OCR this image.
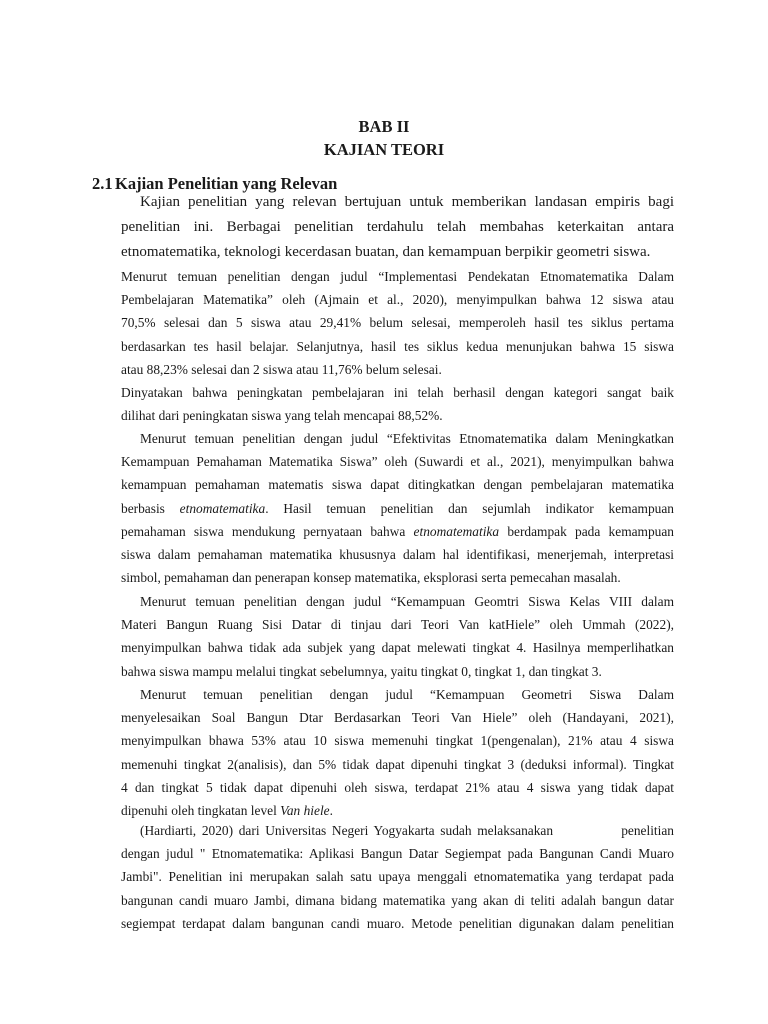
BAB II
KAJIAN TEORI
2.1 Kajian Penelitian yang Relevan
Kajian penelitian yang relevan bertujuan untuk memberikan landasan empiris bagi
penelitian ini. Berbagai penelitian terdahulu telah membahas keterkaitan antara
etnomatematika, teknologi kecerdasan buatan, dan kemampuan berpikir geometri siswa.
Menurut temuan penelitian dengan judul “Implementasi Pendekatan Etnomatematika Dalam
Pembelajaran Matematika” oleh (Ajmain et al., 2020), menyimpulkan bahwa 12 siswa atau
70,5% selesai dan 5 siswa atau 29,41% belum selesai, memperoleh hasil tes siklus pertama
berdasarkan tes hasil belajar. Selanjutnya, hasil tes siklus kedua menunjukan bahwa 15 siswa
atau 88,23% selesai dan 2 siswa atau 11,76% belum selesai.
Dinyatakan bahwa peningkatan pembelajaran ini telah berhasil dengan kategori sangat baik
dilihat dari peningkatan siswa yang telah mencapai 88,52%.
Menurut temuan penelitian dengan judul “Efektivitas Etnomatematika dalam Meningkatkan
Kemampuan Pemahaman Matematika Siswa” oleh (Suwardi et al., 2021), menyimpulkan bahwa
kemampuan pemahaman matematis siswa dapat ditingkatkan dengan pembelajaran matematika
berbasis etnomatematika. Hasil temuan penelitian dan sejumlah indikator kemampuan
pemahaman siswa mendukung pernyataan bahwa etnomatematika berdampak pada kemampuan
siswa dalam pemahaman matematika khususnya dalam hal identifikasi, menerjemah, interpretasi
simbol, pemahaman dan penerapan konsep matematika, eksplorasi serta pemecahan masalah.
Menurut temuan penelitian dengan judul “Kemampuan Geomtri Siswa Kelas VIII dalam
Materi Bangun Ruang Sisi Datar di tinjau dari Teori Van katHiele” oleh Ummah (2022),
menyimpulkan bahwa tidak ada subjek yang dapat melewati tingkat 4. Hasilnya memperlihatkan
bahwa siswa mampu melalui tingkat sebelumnya, yaitu tingkat 0, tingkat 1, dan tingkat 3.
Menurut temuan penelitian dengan judul “Kemampuan Geometri Siswa Dalam
menyelesaikan Soal Bangun Dtar Berdasarkan Teori Van Hiele” oleh (Handayani, 2021),
menyimpulkan bhawa 53% atau 10 siswa memenuhi tingkat 1(pengenalan), 21% atau 4 siswa
memenuhi tingkat 2(analisis), dan 5% tidak dapat dipenuhi tingkat 3 (deduksi informal). Tingkat
4 dan tingkat 5 tidak dapat dipenuhi oleh siswa, terdapat 21% atau 4 siswa yang tidak dapat
dipenuhi oleh tingkatan level Van hiele.
(Hardiarti, 2020) dari Universitas Negeri Yogyakarta sudah melaksanakan            penelitian
dengan judul " Etnomatematika: Aplikasi Bangun Datar Segiempat pada Bangunan Candi Muaro
Jambi". Penelitian ini merupakan salah satu upaya menggali etnomatematika yang terdapat pada
bangunan candi muaro Jambi, dimana bidang matematika yang akan di teliti adalah bangun datar
segiempat terdapat dalam bangunan candi muaro. Metode penelitian digunakan dalam penelitian
